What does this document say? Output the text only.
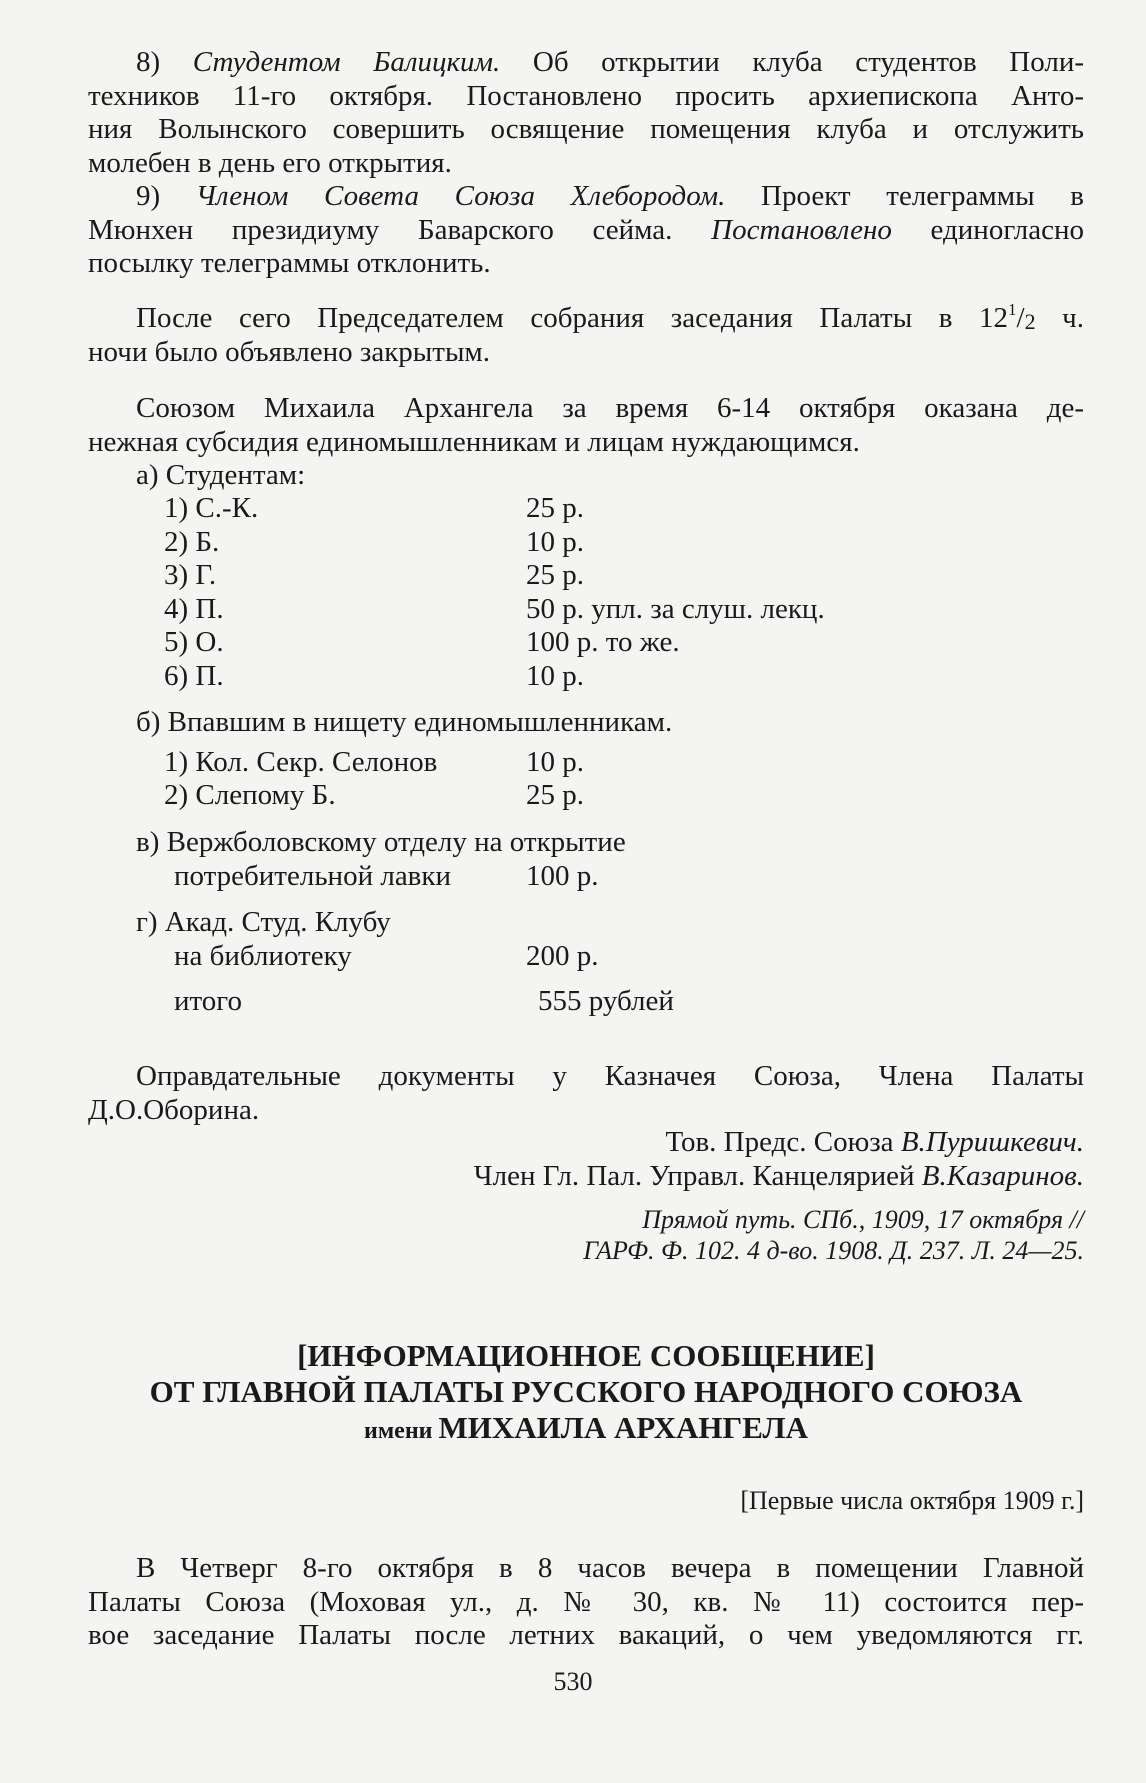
8) Студентом Балицким. Об открытии клуба студентов Поли-

техников 11-го октября. Постановлено просить архиепископа Анто-

ния Волынского совершить освящение помещения клуба и отслужить

молебен в день его открытия.

9) Членом Совета Союза Хлебородом. Проект телеграммы в

Мюнхен президиуму Баварского сейма. Постановлено единогласно

посылку телеграммы отклонить.

После сего Председателем собрания заседания Палаты в $12^1/_2$ ч.

ночи было объявлено закрытым.

Союзом Михаила Архангела за время 6-14 октября оказана де-

нежная субсидия единомышленникам и лицам нуждающимся.

а) Студентам:

1) С.-К.	25 р.
2) Б.	10 р.
3) Г.	25 р.
4) П.	50 р. упл. за слуш. лекц.
5) О.	100 р. то же.
6) П.	10 р.

б) Впавшим в нищету единомышленникам.

1) Кол. Секр. Селонов	10 р.
2) Слепому Б.	25 р.

в) Вержболовскому отделу на открытие

потребительной лавки	100 р.

г) Акад. Студ. Клубу

на библиотеку	200 р.
итого	555 рублей

Оправдательные документы у Казначея Союза, Члена Палаты

Д.О.Оборина.

Тов. Предс. Союза В.Пуришкевич.

Член Гл. Пал. Управл. Канцелярией В.Казаринов.

Прямой путь. СПб., 1909, 17 октября //

ГАРФ. Ф. 102. 4 д-во. 1908. Д. 237. Л. 24—25.

[ИНФОРМАЦИОННОЕ СООБЩЕНИЕ]

ОТ ГЛАВНОЙ ПАЛАТЫ РУССКОГО НАРОДНОГО СОЮЗА

имени МИХАИЛА АРХАНГЕЛА

[Первые числа октября 1909 г.]

В Четверг 8-го октября в 8 часов вечера в помещении Главной

Палаты Союза (Моховая ул., д. № 30, кв. № 11) состоится пер-

вое заседание Палаты после летних вакаций, о чем уведомляются гг.

530
